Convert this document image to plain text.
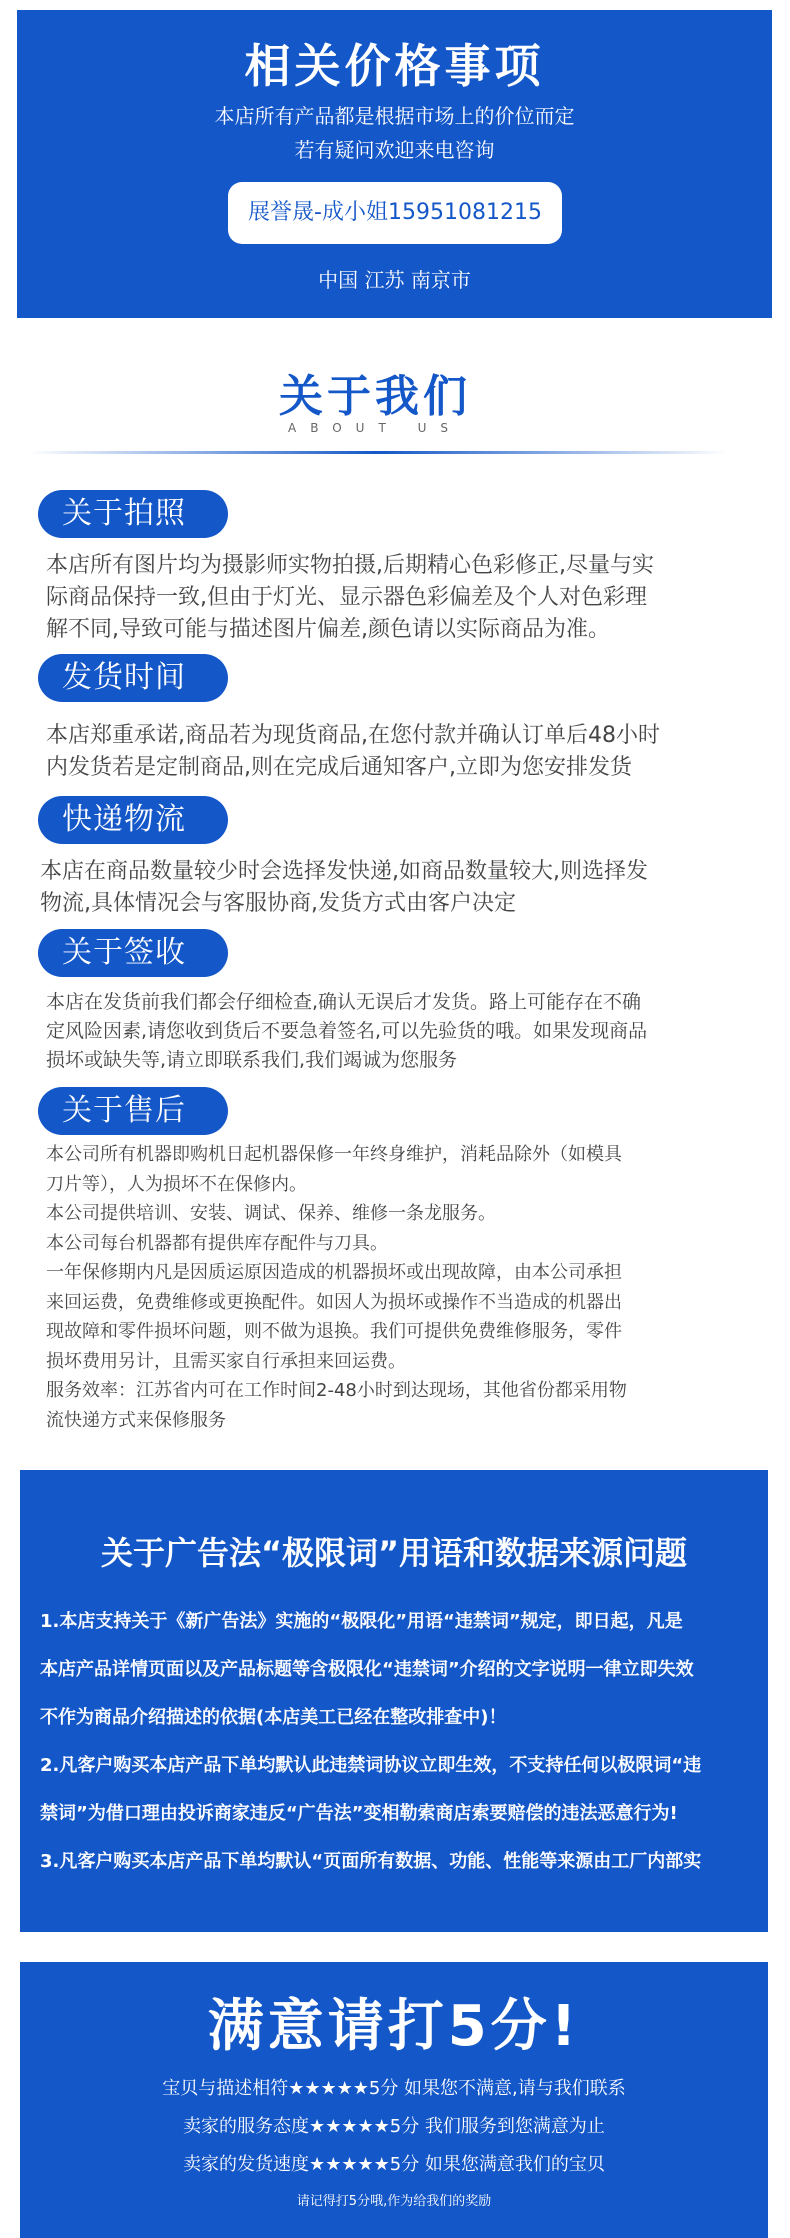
相关价格事项
本店所有产品都是根据市场上的价位而定
若有疑问欢迎来电咨询
展誉晟-成小姐15951081215
中国 江苏 南京市
关于我们
ABOUT US
关于拍照

本店所有图片均为摄影师实物拍摄,后期精心色彩修正,尽量与实

际商品保持一致,但由于灯光、显示器色彩偏差及个人对色彩理

解不同,导致可能与描述图片偏差,颜色请以实际商品为准。

发货时间

本店郑重承诺,商品若为现货商品,在您付款并确认订单后48小时

内发货若是定制商品,则在完成后通知客户,立即为您安排发货

快递物流

本店在商品数量较少时会选择发快递,如商品数量较大,则选择发

物流,具体情况会与客服协商,发货方式由客户决定

关于签收

本店在发货前我们都会仔细检查,确认无误后才发货。路上可能存在不确

定风险因素,请您收到货后不要急着签名,可以先验货的哦。如果发现商品

损坏或缺失等,请立即联系我们,我们竭诚为您服务

关于售后

本公司所有机器即购机日起机器保修一年终身维护，消耗品除外（如模具

刀片等），人为损坏不在保修内。

本公司提供培训、安装、调试、保养、维修一条龙服务。

本公司每台机器都有提供库存配件与刀具。

一年保修期内凡是因质运原因造成的机器损坏或出现故障，由本公司承担

来回运费，免费维修或更换配件。如因人为损坏或操作不当造成的机器出

现故障和零件损坏问题，则不做为退换。我们可提供免费维修服务，零件

损坏费用另计，且需买家自行承担来回运费。

服务效率：江苏省内可在工作时间2-48小时到达现场，其他省份都采用物

流快递方式来保修服务

关于广告法“极限词”用语和数据来源问题

1.本店支持关于《新广告法》实施的“极限化”用语“违禁词”规定，即日起，凡是

本店产品详情页面以及产品标题等含极限化“违禁词”介绍的文字说明一律立即失效

不作为商品介绍描述的依据(本店美工已经在整改排查中)！

2.凡客户购买本店产品下单均默认此违禁词协议立即生效，不支持任何以极限词“违

禁词”为借口理由投诉商家违反“广告法”变相勒索商店索要赔偿的违法恶意行为!

3.凡客户购买本店产品下单均默认“页面所有数据、功能、性能等来源由工厂内部实

满意请打5分!
宝贝与描述相符★★★★★5分 如果您不满意,请与我们联系
卖家的服务态度★★★★★5分 我们服务到您满意为止
卖家的发货速度★★★★★5分 如果您满意我们的宝贝
请记得打5分哦,作为给我们的奖励
